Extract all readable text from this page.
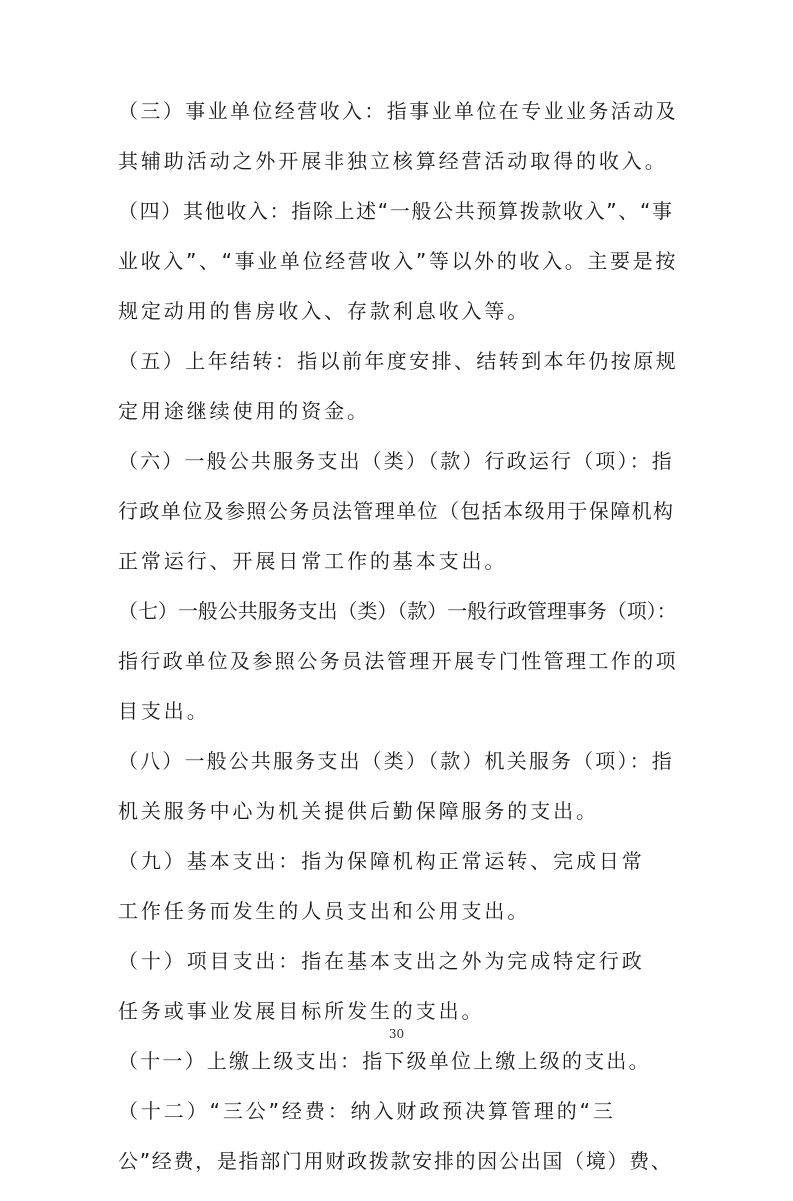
（三）事业单位经营收入：指事业单位在专业业务活动及
其辅助活动之外开展非独立核算经营活动取得的收入。
（四）其他收入：指除上述“一般公共预算拨款收入”、“事
业收入”、“事业单位经营收入”等以外的收入。主要是按
规定动用的售房收入、存款利息收入等。
（五）上年结转：指以前年度安排、结转到本年仍按原规
定用途继续使用的资金。
（六）一般公共服务支出（类）（款）行政运行（项）：指
行政单位及参照公务员法管理单位（包括本级用于保障机构
正常运行、开展日常工作的基本支出。
（七）一般公共服务支出（类）（款）一般行政管理事务（项）：
指行政单位及参照公务员法管理开展专门性管理工作的项
目支出。
（八）一般公共服务支出（类）（款）机关服务（项）：指
机关服务中心为机关提供后勤保障服务的支出。
（九）基本支出：指为保障机构正常运转、完成日常
工作任务而发生的人员支出和公用支出。
（十）项目支出：指在基本支出之外为完成特定行政
任务或事业发展目标所发生的支出。
（十一）上缴上级支出：指下级单位上缴上级的支出。
（十二）“三公”经费：纳入财政预决算管理的“三
公”经费，是指部门用财政拨款安排的因公出国（境）费、
30
